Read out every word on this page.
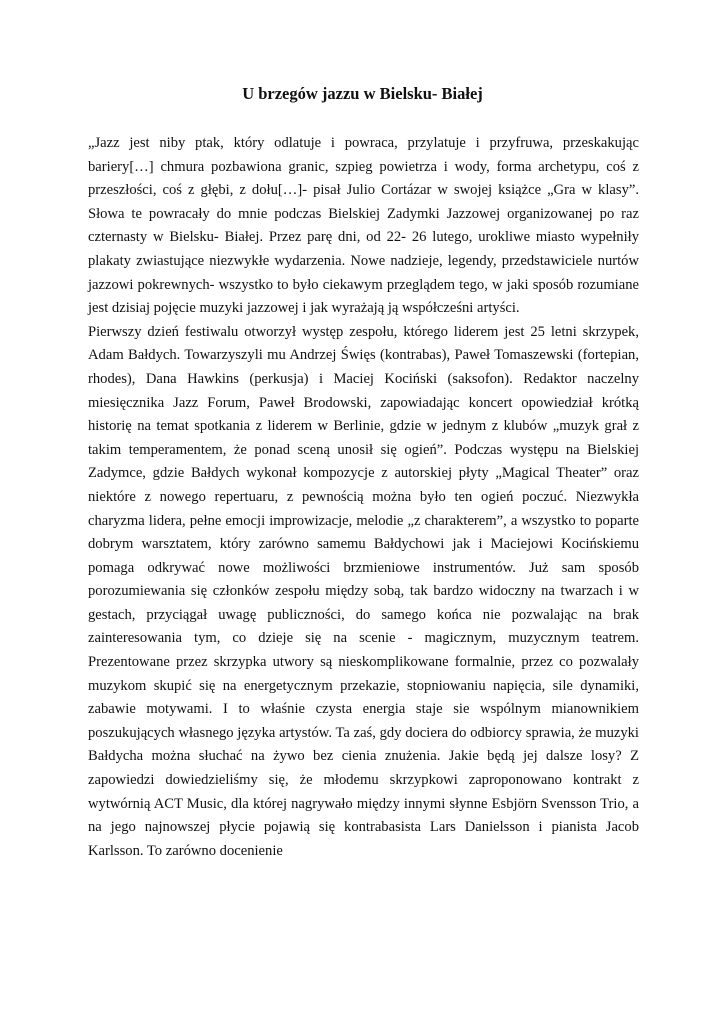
U brzegów jazzu w Bielsku- Białej

„Jazz jest niby ptak, który odlatuje i powraca, przylatuje i przyfruwa, przeskakując bariery[…] chmura pozbawiona granic, szpieg powietrza i wody, forma archetypu, coś z przeszłości, coś z głębi, z dołu[…]- pisał Julio Cortázar w swojej książce „Gra w klasy”. Słowa te powracały do mnie podczas Bielskiej Zadymki Jazzowej organizowanej po raz czternasty w Bielsku- Białej. Przez parę dni, od 22- 26 lutego, urokliwe miasto wypełniły plakaty zwiastujące niezwykłe wydarzenia. Nowe nadzieje, legendy, przedstawiciele nurtów jazzowi pokrewnych- wszystko to było ciekawym przeglądem tego, w jaki sposób rozumiane jest dzisiaj pojęcie muzyki jazzowej i jak wyrażają ją współcześni artyści.

Pierwszy dzień festiwalu otworzył występ zespołu, którego liderem jest 25 letni skrzypek, Adam Bałdych. Towarzyszyli mu Andrzej Święs (kontrabas), Paweł Tomaszewski (fortepian, rhodes), Dana Hawkins (perkusja) i Maciej Kociński (saksofon). Redaktor naczelny miesięcznika Jazz Forum, Paweł Brodowski, zapowiadając koncert opowiedział krótką historię na temat spotkania z liderem w Berlinie, gdzie w jednym z klubów „muzyk grał z takim temperamentem, że ponad sceną unosił się ogień”. Podczas występu na Bielskiej Zadymce, gdzie Bałdych wykonał kompozycje z autorskiej płyty „Magical Theater” oraz niektóre z nowego repertuaru, z pewnością można było ten ogień poczuć. Niezwykła charyzma lidera, pełne emocji improwizacje, melodie „z charakterem”, a wszystko to poparte dobrym warsztatem, który zarówno samemu Bałdychowi jak i Maciejowi Kocińskiemu pomaga odkrywać nowe możliwości brzmieniowe instrumentów. Już sam sposób porozumiewania się członków zespołu między sobą, tak bardzo widoczny na twarzach i w gestach, przyciągał uwagę publiczności, do samego końca nie pozwalając na brak zainteresowania tym, co dzieje się na scenie - magicznym, muzycznym teatrem. Prezentowane przez skrzypka utwory są nieskomplikowane formalnie, przez co pozwalały muzykom skupić się na energetycznym przekazie, stopniowaniu napięcia, sile dynamiki, zabawie motywami. I to właśnie czysta energia staje sie wspólnym mianownikiem poszukujących własnego języka artystów. Ta zaś, gdy dociera do odbiorcy sprawia, że muzyki Bałdycha można słuchać na żywo bez cienia znużenia. Jakie będą jej dalsze losy? Z zapowiedzi dowiedzieliśmy się, że młodemu skrzypkowi zaproponowano kontrakt z wytwórnią ACT Music, dla której nagrywało między innymi słynne Esbjörn Svensson Trio, a na jego najnowszej płycie pojawią się kontrabasista Lars Danielsson i pianista Jacob Karlsson. To zarówno docenienie
